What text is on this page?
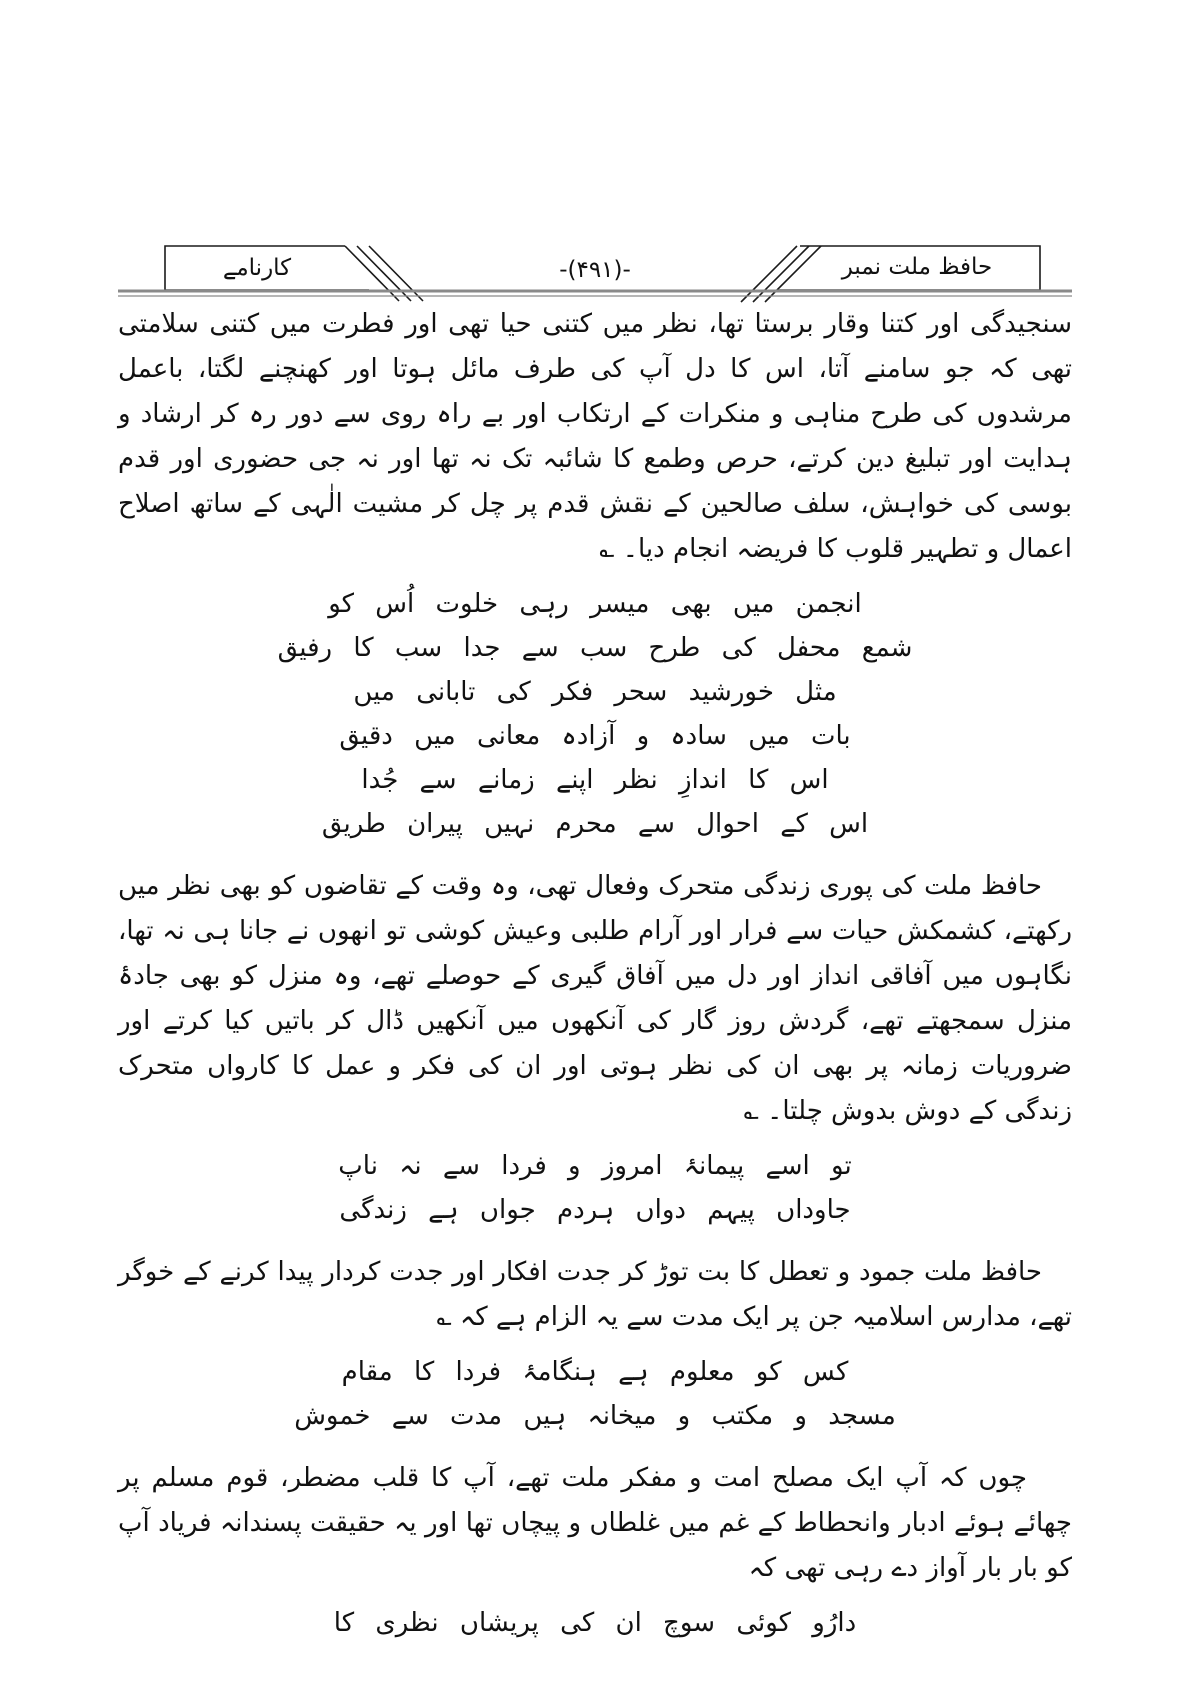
کارنامے	-(۴۹۱)-	حافظ ملت نمبر

سنجیدگی اور کتنا وقار برستا تھا، نظر میں کتنی حیا تھی اور فطرت میں کتنی سلامتی تھی کہ جو سامنے آتا، اس کا دل آپ کی طرف مائل ہوتا اور کھنچنے لگتا، باعمل مرشدوں کی طرح مناہی و منکرات کے ارتکاب اور بے راہ روی سے دور رہ کر ارشاد و ہدایت اور تبلیغ دین کرتے، حرص وطمع کا شائبہ تک نہ تھا اور نہ جی حضوری اور قدم بوسی کی خواہش، سلف صالحین کے نقش قدم پر چل کر مشیت الٰہی کے ساتھ اصلاح اعمال و تطہیر قلوب کا فریضہ انجام دیا۔ ؎

انجمن میں بھی میسر رہی خلوت اُس کو
شمع محفل کی طرح سب سے جدا سب کا رفیق
مثل خورشید سحر فکر کی تابانی میں
بات میں سادہ و آزادہ معانی میں دقیق
اس کا اندازِ نظر اپنے زمانے سے جُدا
اس کے احوال سے محرم نہیں پیران طریق

حافظ ملت کی پوری زندگی متحرک وفعال تھی، وہ وقت کے تقاضوں کو بھی نظر میں رکھتے، کشمکش حیات سے فرار اور آرام طلبی وعیش کوشی تو انھوں نے جانا ہی نہ تھا، نگاہوں میں آفاقی انداز اور دل میں آفاق گیری کے حوصلے تھے، وہ منزل کو بھی جادۂ منزل سمجھتے تھے، گردش روز گار کی آنکھوں میں آنکھیں ڈال کر باتیں کیا کرتے اور ضروریات زمانہ پر بھی ان کی نظر ہوتی اور ان کی فکر و عمل کا کارواں متحرک زندگی کے دوش بدوش چلتا۔ ؎

تو اسے پیمانۂ امروز و فردا سے نہ ناپ
جاوداں پیہم دواں ہردم جواں ہے زندگی

حافظ ملت جمود و تعطل کا بت توڑ کر جدت افکار اور جدت کردار پیدا کرنے کے خوگر تھے، مدارس اسلامیہ جن پر ایک مدت سے یہ الزام ہے کہ ؎

کس کو معلوم ہے ہنگامۂ فردا کا مقام
مسجد و مکتب و میخانہ ہیں مدت سے خموش

چوں کہ آپ ایک مصلح امت و مفکر ملت تھے، آپ کا قلب مضطر، قوم مسلم پر چھائے ہوئے ادبار وانحطاط کے غم میں غلطاں و پیچاں تھا اور یہ حقیقت پسندانہ فریاد آپ کو بار بار آواز دے رہی تھی کہ

دارُو کوئی سوچ ان کی پریشاں نظری کا
